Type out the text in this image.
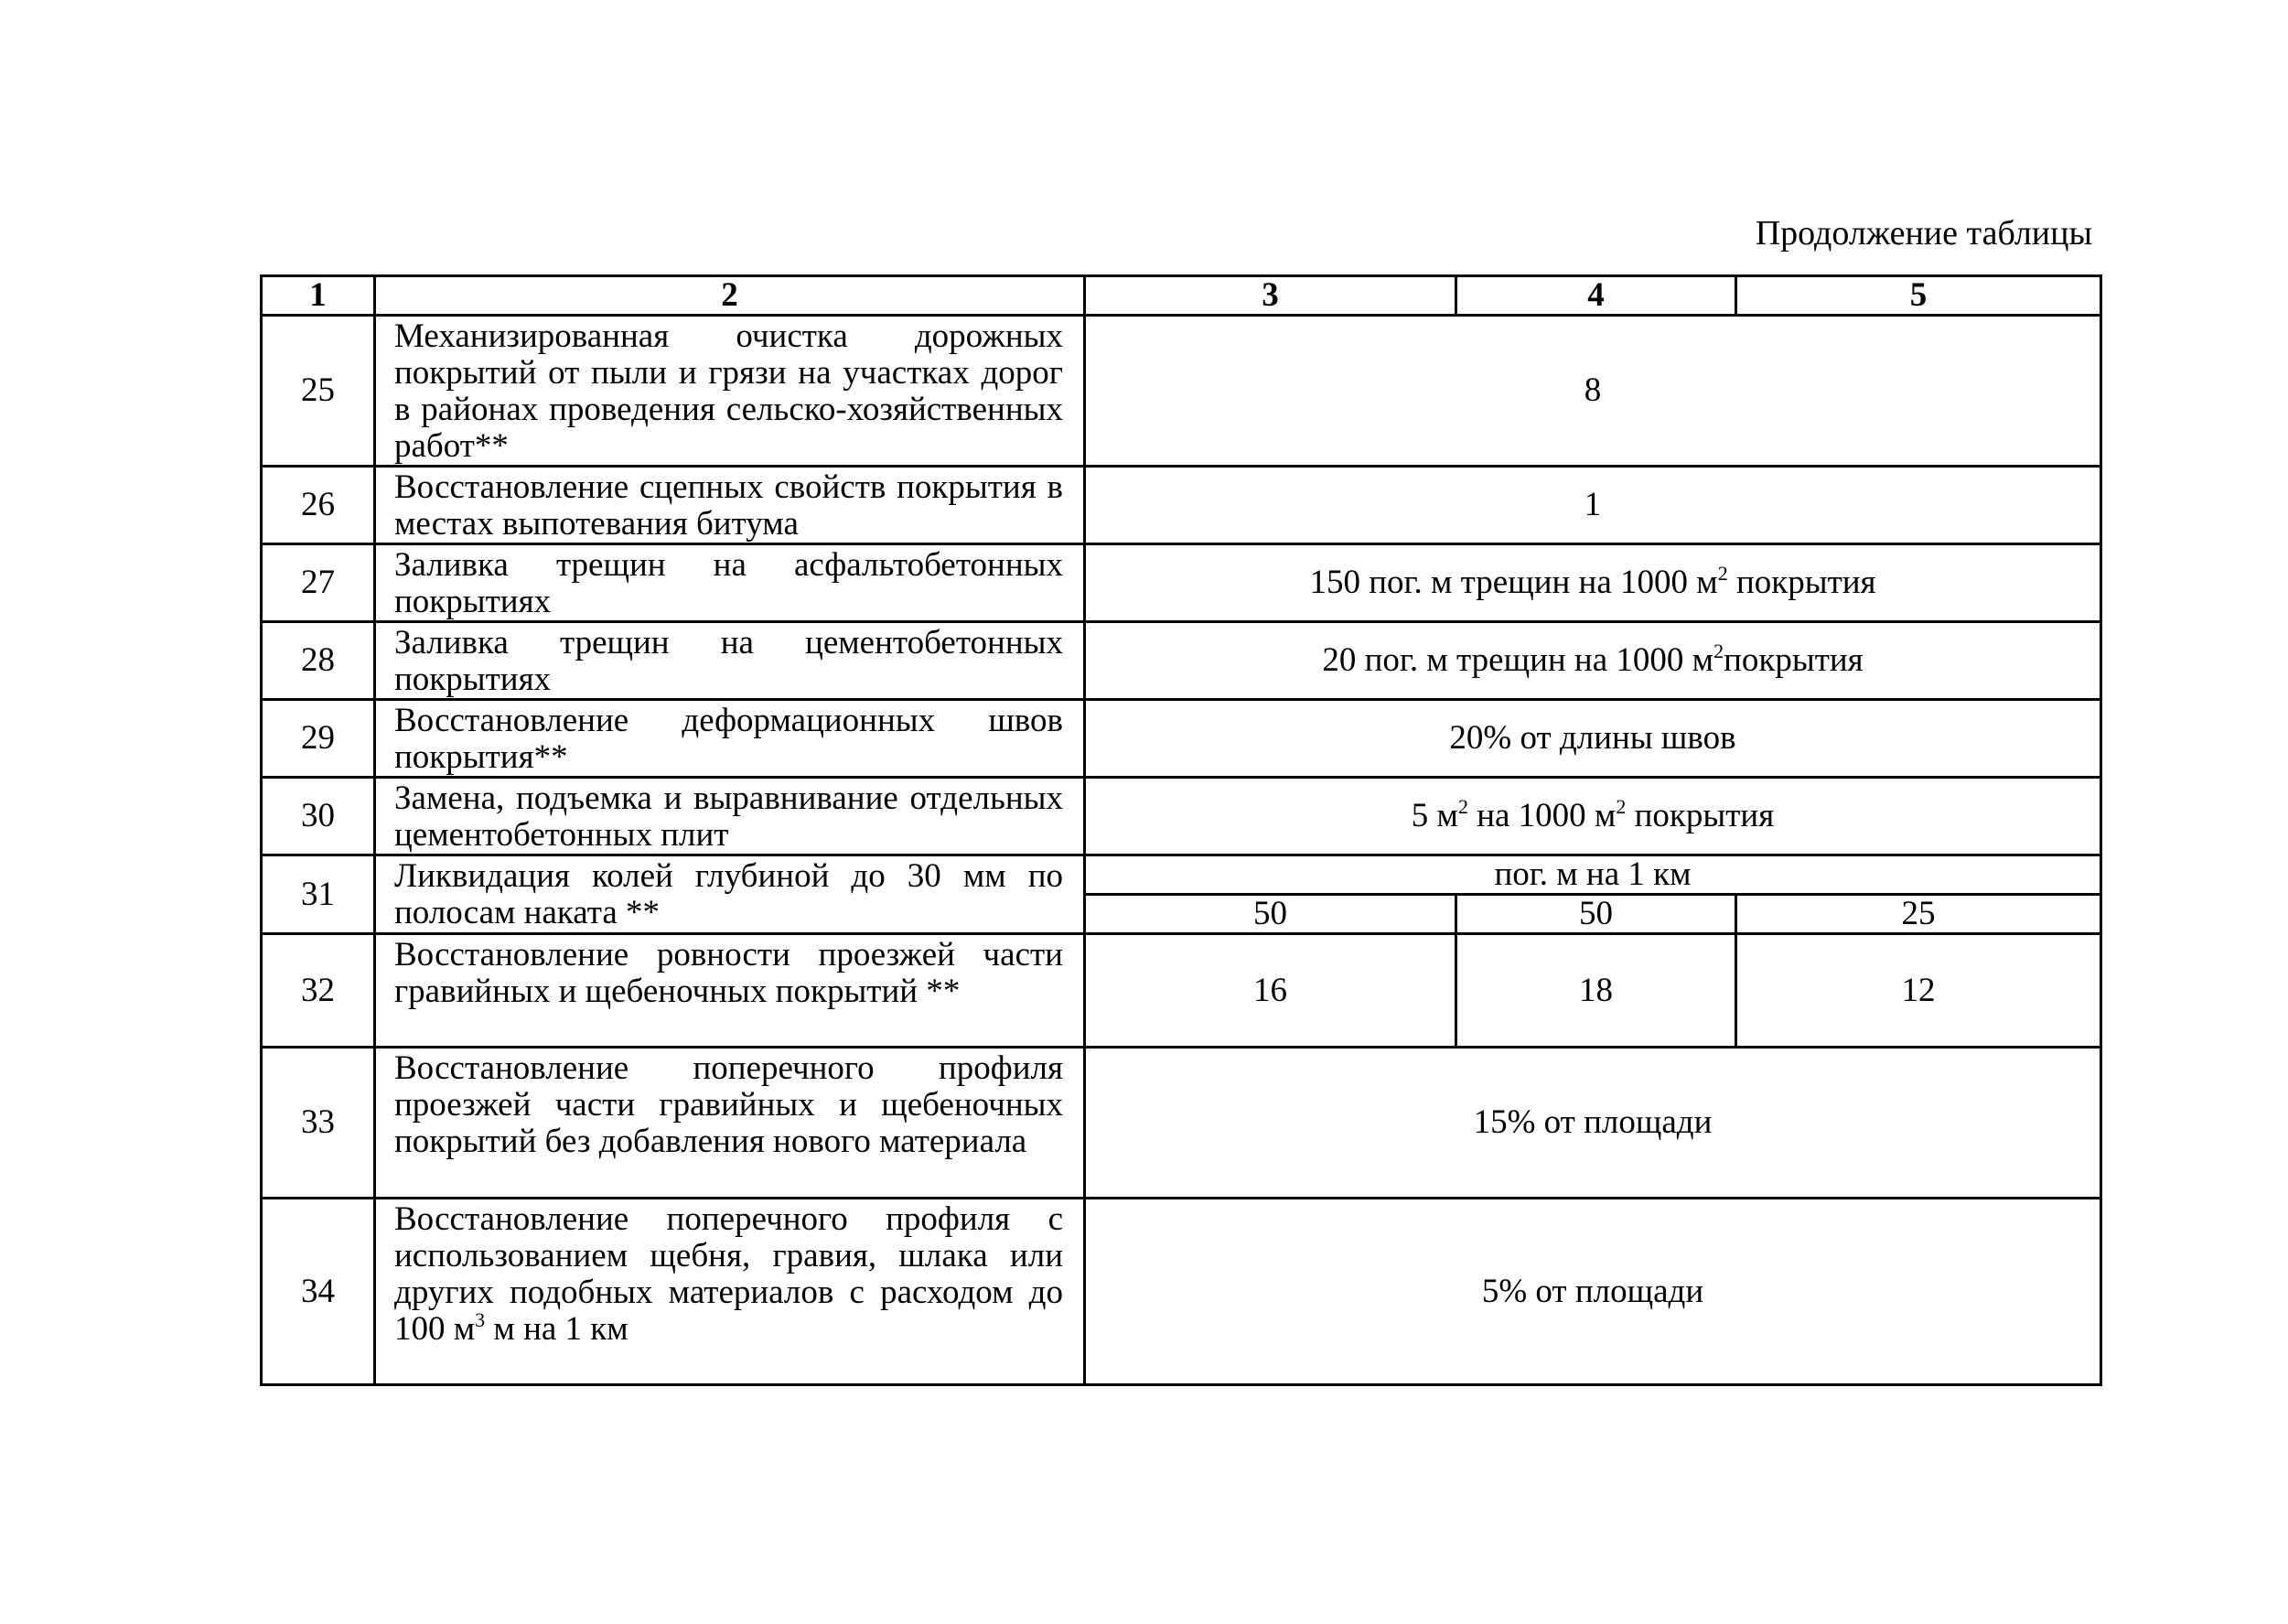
Продолжение таблицы
1	2	3	4	5
25	Механизированная очистка дорожных покрытий от пыли и грязи на участках дорог в районах проведения сельско-хозяйственных работ**	8		
26	Восстановление сцепных свойств покрытия в местах выпотевания битума	1		
27	Заливка трещин на асфальтобетонных покрытиях	150 пог. м трещин на 1000 $м^2$ покрытия		
28	Заливка трещин на цементобетонных покрытиях	20 пог. м трещин на 1000 $м^2покрытия$		
29	Восстановление деформационных швов покрытия**	20% от длины швов		
30	Замена, подъемка и выравнивание отдельных цементобетонных плит	5 $м^2$ на 1000 $м^2$ покрытия		
31	Ликвидация колей глубиной до 30 мм по полосам наката **	пог. м на 1 км		
		50	50	25
32	Восстановление ровности проезжей части гравийных и щебеночных покрытий **	16	18	12
33	Восстановление поперечного профиля проезжей части гравийных и щебеночных покрытий без добавления нового материала	15% от площади		
34	Восстановление поперечного профиля с использованием щебня, гравия, шлака или других подобных материалов с расходом до 100 $м^3$ м на 1 км	5% от площади		
